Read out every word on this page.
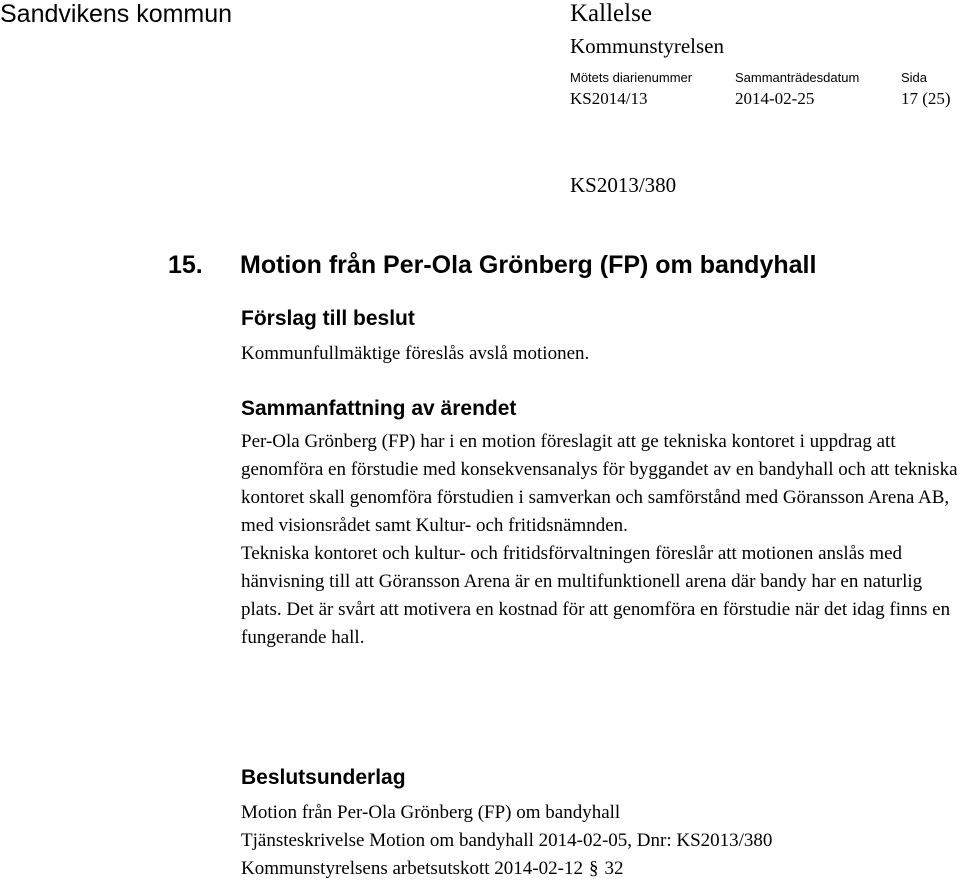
Sandvikens kommun	Kallelse
Kommunstyrelsen
Mötets diarienummer	Sammanträdesdatum	Sida
KS2014/13	2014-02-25	17 (25)
KS2013/380
15. Motion från Per-Ola Grönberg (FP) om bandyhall
Förslag till beslut
Kommunfullmäktige föreslås avslå motionen.
Sammanfattning av ärendet
Per-Ola Grönberg (FP) har i en motion föreslagit att ge tekniska kontoret i uppdrag att genomföra en förstudie med konsekvensanalys för byggandet av en bandyhall och att tekniska kontoret skall genomföra förstudien i samverkan och samförstånd med Göransson Arena AB, med visionsrådet samt Kultur- och fritidsnämnden.
Tekniska kontoret och kultur- och fritidsförvaltningen föreslår att motionen anslås med hänvisning till att Göransson Arena är en multifunktionell arena där bandy har en naturlig plats. Det är svårt att motivera en kostnad för att genomföra en förstudie när det idag finns en fungerande hall.
Beslutsunderlag
Motion från Per-Ola Grönberg (FP) om bandyhall
Tjänsteskrivelse Motion om bandyhall 2014-02-05, Dnr: KS2013/380
Kommunstyrelsens arbetsutskott 2014-02-12 § 32
